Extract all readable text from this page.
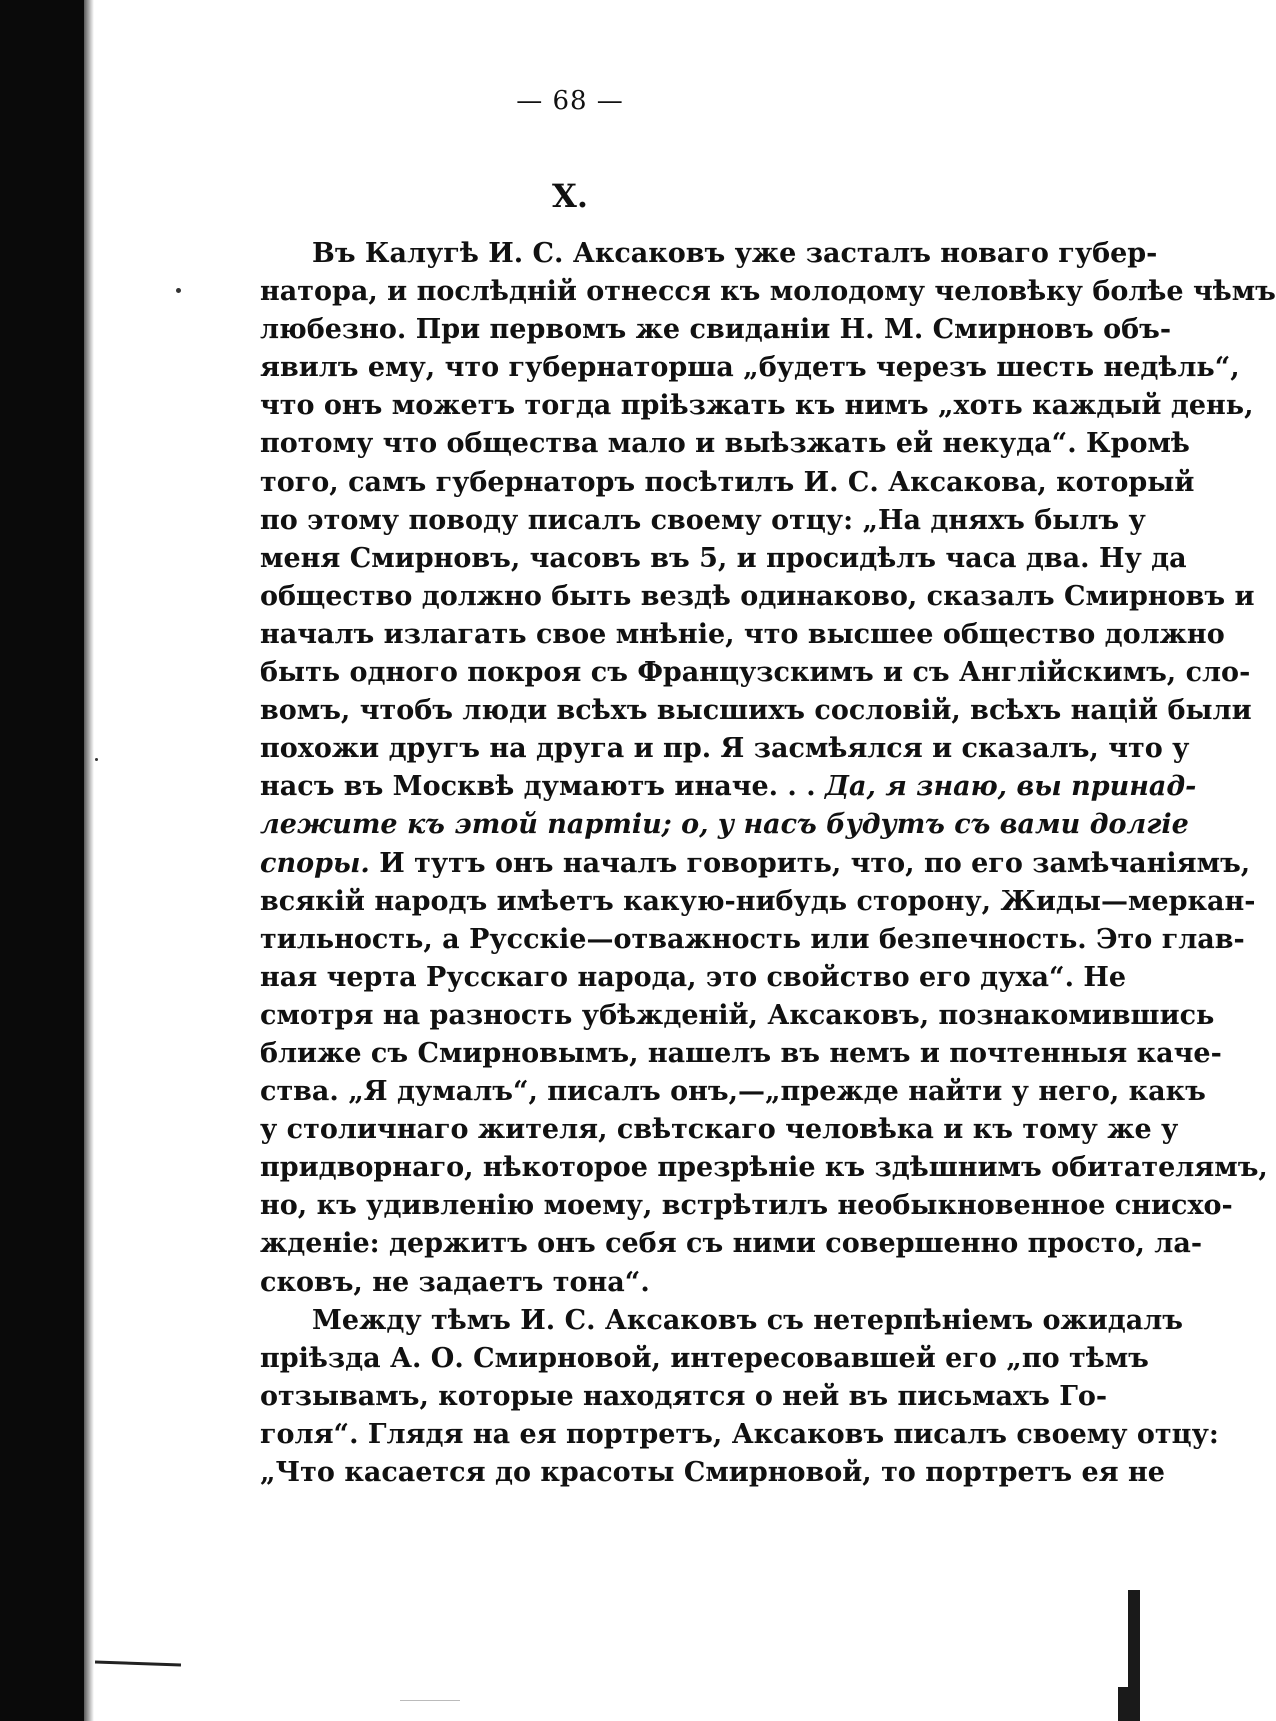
— 68 —
X.
Въ Калугѣ И. С. Аксаковъ уже засталъ новаго губер-
натора, и послѣдній отнесся къ молодому человѣку болѣе чѣмъ
любезно. При первомъ же свиданіи Н. М. Смирновъ объ-
явилъ ему, что губернаторша „будетъ черезъ шесть недѣль“,
что онъ можетъ тогда пріѣзжать къ нимъ „хоть каждый день,
потому что общества мало и выѣзжать ей некуда“. Кромѣ
того, самъ губернаторъ посѣтилъ И. С. Аксакова, который
по этому поводу писалъ своему отцу: „На дняхъ былъ у
меня Смирновъ, часовъ въ 5, и просидѣлъ часа два. Ну да
общество должно быть вездѣ одинаково, сказалъ Смирновъ и
началъ излагать свое мнѣніе, что высшее общество должно
быть одного покроя съ Французскимъ и съ Англійскимъ, сло-
вомъ, чтобъ люди всѣхъ высшихъ сословій, всѣхъ націй были
похожи другъ на друга и пр. Я засмѣялся и сказалъ, что у
насъ въ Москвѣ думаютъ иначе. . . Да, я знаю, вы принад-
лежите къ этой партіи; о, у насъ будутъ съ вами долгіе
споры. И тутъ онъ началъ говорить, что, по его замѣчаніямъ,
всякій народъ имѣетъ какую-нибудь сторону, Жиды—меркан-
тильность, а Русскіе—отважность или безпечность. Это глав-
ная черта Русскаго народа, это свойство его духа“. Не
смотря на разность убѣжденій, Аксаковъ, познакомившись
ближе съ Смирновымъ, нашелъ въ немъ и почтенныя каче-
ства. „Я думалъ“, писалъ онъ,—„прежде найти у него, какъ
у столичнаго жителя, свѣтскаго человѣка и къ тому же у
придворнаго, нѣкоторое презрѣніе къ здѣшнимъ обитателямъ,
но, къ удивленію моему, встрѣтилъ необыкновенное снисхо-
жденіе: держитъ онъ себя съ ними совершенно просто, ла-
сковъ, не задаетъ тона“.
Между тѣмъ И. С. Аксаковъ съ нетерпѣніемъ ожидалъ
пріѣзда А. О. Смирновой, интересовавшей его „по тѣмъ
отзывамъ, которые находятся о ней въ письмахъ Го-
голя“. Глядя на ея портретъ, Аксаковъ писалъ своему отцу:
„Что касается до красоты Смирновой, то портретъ ея не
